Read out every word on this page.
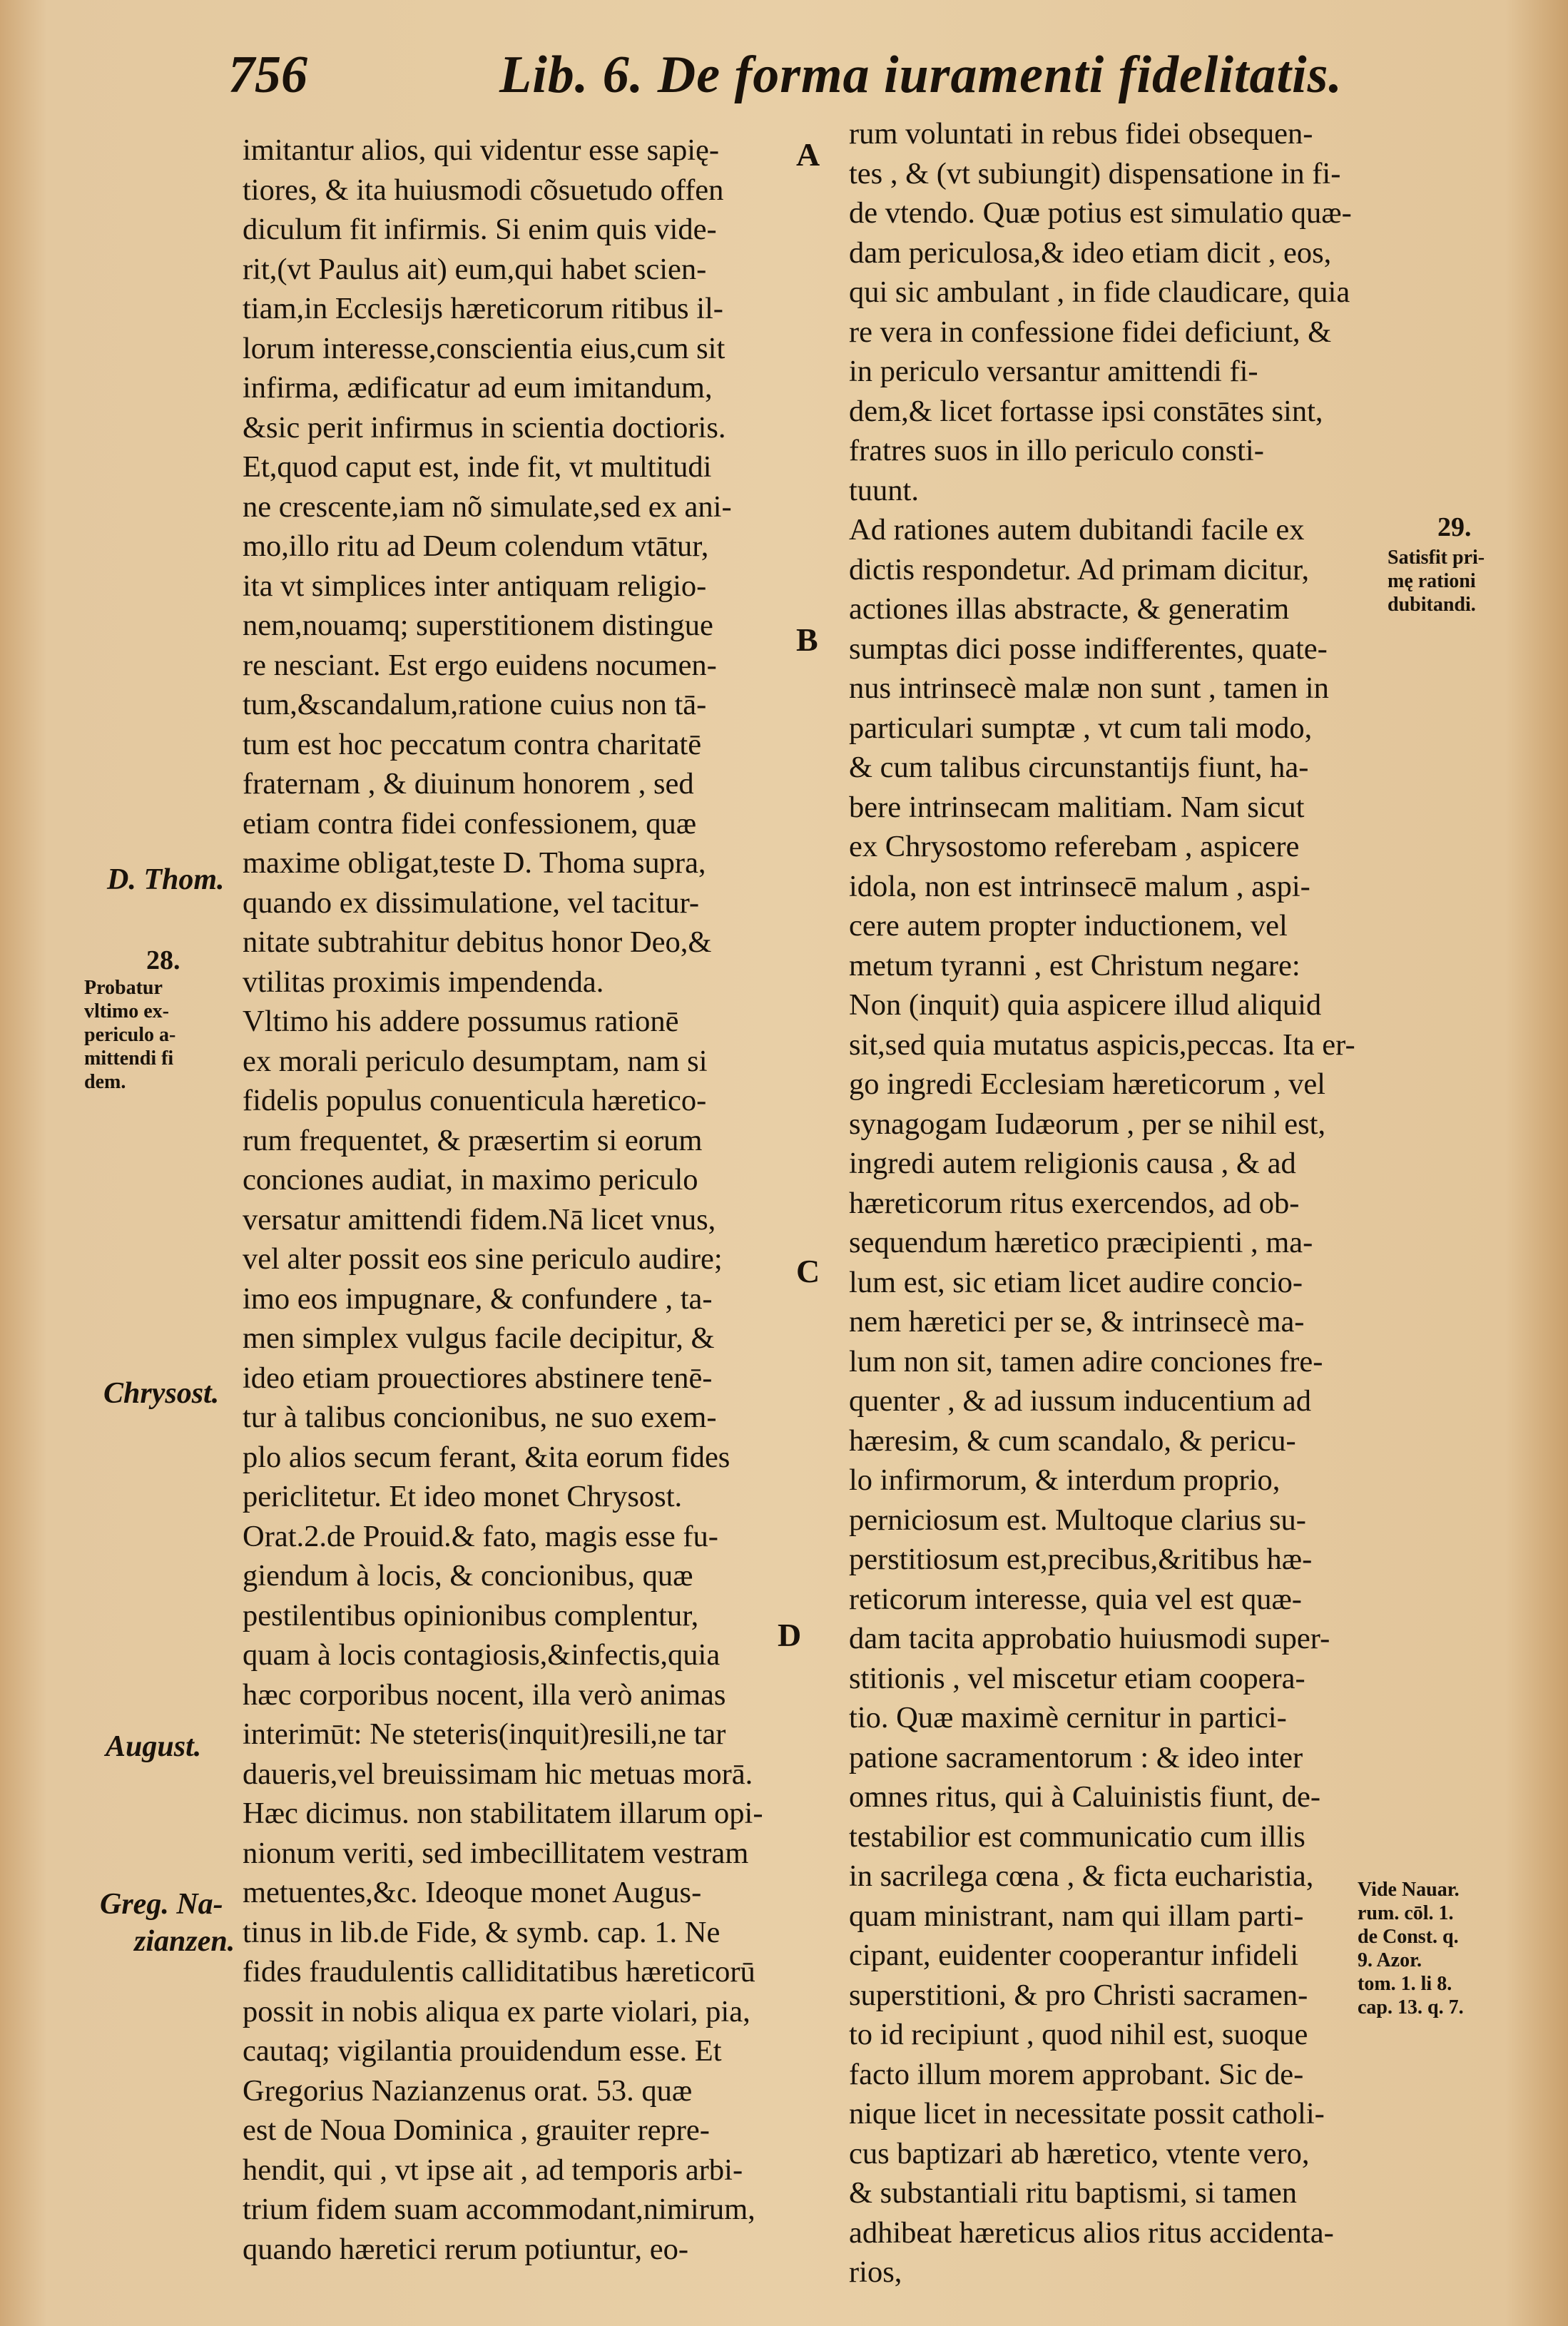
756	Lib. 6. De forma iuramenti fidelitatis.
A
B
C
D
D. Thom.
28.
Probatur
vltimo ex-
periculo a-
mittendi fi
dem.
Chrysost.
August.
Greg. Na-
zianzen.
29.
Satisfit pri-
mę rationi
dubitandi.
Vide Nauar.
rum. cōl. 1.
de Const. q.
9. Azor.
tom. 1. li 8.
cap. 13. q. 7.
imitantur alios, qui videntur esse sapię-
tiores, & ita huiusmodi cõsuetudo offen
diculum fit infirmis. Si enim quis vide-
rit,(vt Paulus ait) eum,qui habet scien-
tiam,in Ecclesijs hæreticorum ritibus il-
lorum interesse,conscientia eius,cum sit
infirma, ædificatur ad eum imitandum,
&sic perit infirmus in scientia doctioris.
Et,quod caput est, inde fit, vt multitudi
ne crescente,iam nõ simulate,sed ex ani-
mo,illo ritu ad Deum colendum vtātur,
ita vt simplices inter antiquam religio-
nem,nouamq; superstitionem distingue
re nesciant. Est ergo euidens nocumen-
tum,&scandalum,ratione cuius non tā-
tum est hoc peccatum contra charitatē
fraternam , & diuinum honorem , sed
etiam contra fidei confessionem, quæ
maxime obligat,teste D. Thoma supra,
quando ex dissimulatione, vel tacitur-
nitate subtrahitur debitus honor Deo,&
vtilitas proximis impendenda.
Vltimo his addere possumus rationē
ex morali periculo desumptam, nam si
fidelis populus conuenticula hæretico-
rum frequentet, & præsertim si eorum
conciones audiat, in maximo periculo
versatur amittendi fidem.Nā licet vnus,
vel alter possit eos sine periculo audire;
imo eos impugnare, & confundere , ta-
men simplex vulgus facile decipitur, &
ideo etiam prouectiores abstinere tenē-
tur à talibus concionibus, ne suo exem-
plo alios secum ferant, &ita eorum fides
periclitetur. Et ideo monet Chrysost.
Orat.2.de Prouid.& fato, magis esse fu-
giendum à locis, & concionibus, quæ
pestilentibus opinionibus complentur,
quam à locis contagiosis,&infectis,quia
hæc corporibus nocent, illa verò animas
interimūt: Ne steteris(inquit)resili,ne tar
daueris,vel breuissimam hic metuas morā.
Hæc dicimus. non stabilitatem illarum opi-
nionum veriti, sed imbecillitatem vestram
metuentes,&c. Ideoque monet Augus-
tinus in lib.de Fide, & symb. cap. 1. Ne
fides fraudulentis calliditatibus hæreticorū
possit in nobis aliqua ex parte violari, pia,
cautaq; vigilantia prouidendum esse. Et
Gregorius Nazianzenus orat. 53. quæ
est de Noua Dominica , grauiter repre-
hendit, qui , vt ipse ait , ad temporis arbi-
trium fidem suam accommodant,nimirum,
quando hæretici rerum potiuntur, eo-
rum voluntati in rebus fidei obsequen-
tes , & (vt subiungit) dispensatione in fi-
de vtendo. Quæ potius est simulatio quæ-
dam periculosa,& ideo etiam dicit , eos,
qui sic ambulant , in fide claudicare, quia
re vera in confessione fidei deficiunt, &
in periculo versantur amittendi fi-
dem,& licet fortasse ipsi constātes sint,
fratres suos in illo periculo consti-
tuunt.
Ad rationes autem dubitandi facile ex
dictis respondetur. Ad primam dicitur,
actiones illas abstracte, & generatim
sumptas dici posse indifferentes, quate-
nus intrinsecè malæ non sunt , tamen in
particulari sumptæ , vt cum tali modo,
& cum talibus circunstantijs fiunt, ha-
bere intrinsecam malitiam. Nam sicut
ex Chrysostomo referebam , aspicere
idola, non est intrinsecē malum , aspi-
cere autem propter inductionem, vel
metum tyranni , est Christum negare:
Non (inquit) quia aspicere illud aliquid
sit,sed quia mutatus aspicis,peccas. Ita er-
go ingredi Ecclesiam hæreticorum , vel
synagogam Iudæorum , per se nihil est,
ingredi autem religionis causa , & ad
hæreticorum ritus exercendos, ad ob-
sequendum hæretico præcipienti , ma-
lum est, sic etiam licet audire concio-
nem hæretici per se, & intrinsecè ma-
lum non sit, tamen adire conciones fre-
quenter , & ad iussum inducentium ad
hæresim, & cum scandalo, & pericu-
lo infirmorum, & interdum proprio,
perniciosum est. Multoque clarius su-
perstitiosum est,precibus,&ritibus hæ-
reticorum interesse, quia vel est quæ-
dam tacita approbatio huiusmodi super-
stitionis , vel miscetur etiam coopera-
tio. Quæ maximè cernitur in partici-
patione sacramentorum : & ideo inter
omnes ritus, qui à Caluinistis fiunt, de-
testabilior est communicatio cum illis
in sacrilega cœna , & ficta eucharistia,
quam ministrant, nam qui illam parti-
cipant, euidenter cooperantur infideli
superstitioni, & pro Christi sacramen-
to id recipiunt , quod nihil est, suoque
facto illum morem approbant. Sic de-
nique licet in necessitate possit catholi-
cus baptizari ab hæretico, vtente vero,
& substantiali ritu baptismi, si tamen
adhibeat hæreticus alios ritus accidenta-
rios,
